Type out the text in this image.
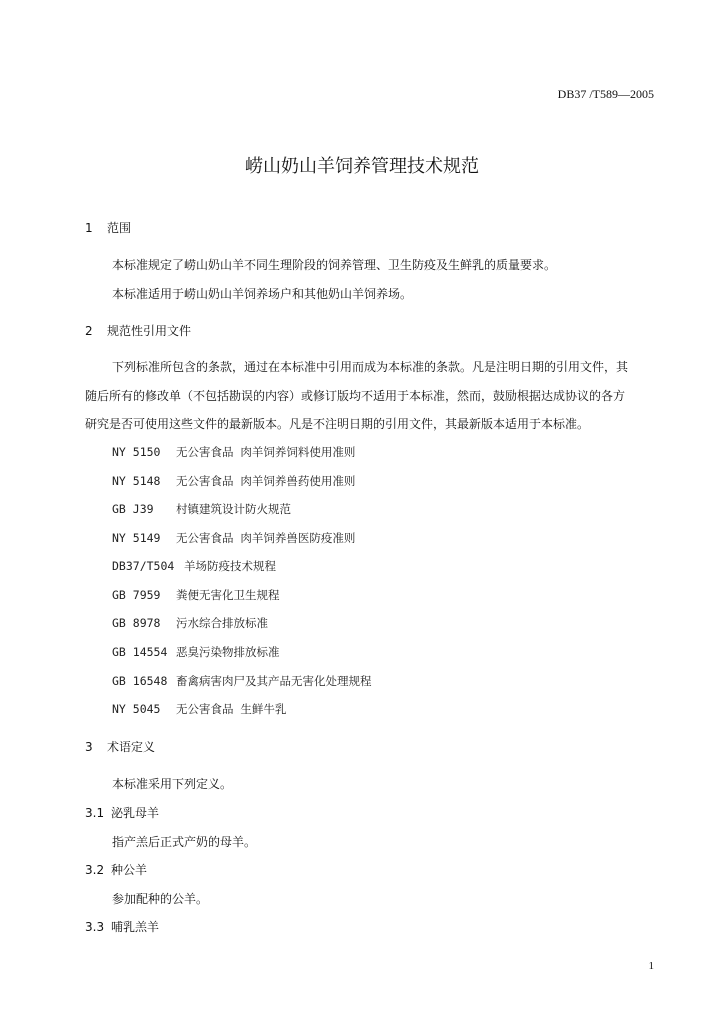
DB37 /T589—2005
崂山奶山羊饲养管理技术规范
1 范围
本标准规定了崂山奶山羊不同生理阶段的饲养管理、卫生防疫及生鲜乳的质量要求。
本标准适用于崂山奶山羊饲养场户和其他奶山羊饲养场。
2 规范性引用文件
下列标准所包含的条款，通过在本标准中引用而成为本标准的条款。凡是注明日期的引用文件，其
随后所有的修改单（不包括勘误的内容）或修订版均不适用于本标准，然而，鼓励根据达成协议的各方
研究是否可使用这些文件的最新版本。凡是不注明日期的引用文件，其最新版本适用于本标准。
NY 5150 无公害食品 肉羊饲养饲料使用准则
NY 5148 无公害食品 肉羊饲养兽药使用准则
GB J39 村镇建筑设计防火规范
NY 5149 无公害食品 肉羊饲养兽医防疫准则
DB37/T504 羊场防疫技术规程
GB 7959 粪便无害化卫生规程
GB 8978 污水综合排放标准
GB 14554 恶臭污染物排放标准
GB 16548 畜禽病害肉尸及其产品无害化处理规程
NY 5045 无公害食品 生鲜牛乳
3 术语定义
本标准采用下列定义。
3.1 泌乳母羊
指产羔后正式产奶的母羊。
3.2 种公羊
参加配种的公羊。
3.3 哺乳羔羊
1
